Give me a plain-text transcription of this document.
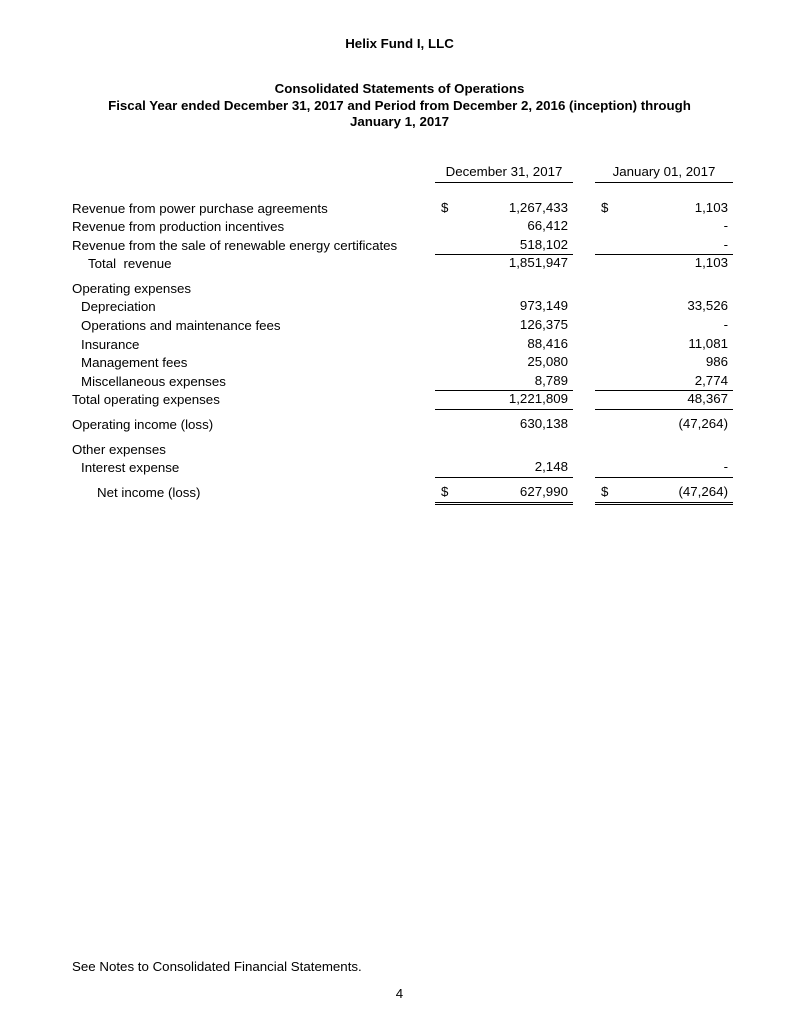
Helix Fund I, LLC
Consolidated Statements of Operations
Fiscal Year ended December 31, 2017 and Period from December 2, 2016 (inception) through
January 1, 2017
December 31, 2017	January 01, 2017
Revenue from power purchase agreements	$	1,267,433 $	1,103
Revenue from production incentives	66,412	-
Revenue from the sale of renewable energy certificates	518,102	-
Total  revenue	1,851,947	1,103
Operating expenses
Depreciation	973,149	33,526
Operations and maintenance fees	126,375	-
Insurance	88,416	11,081
Management fees	25,080	986
Miscellaneous expenses	8,789	2,774
Total operating expenses	1,221,809	48,367
Operating income (loss)	630,138	(47,264)
Other expenses
Interest expense	2,148	-
Net income (loss)	$	627,990 $	(47,264)
See Notes to Consolidated Financial Statements.
4
